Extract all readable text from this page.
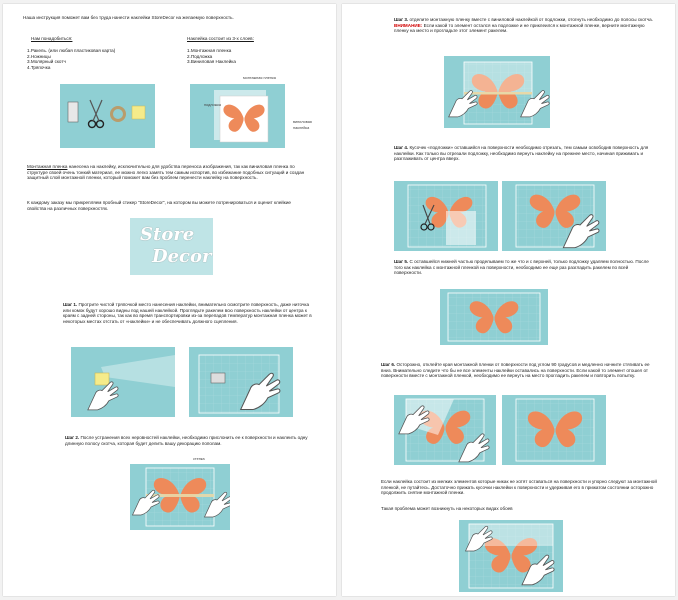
Наша инструкция поможет вам без труда нанести наклейки StoreDecor на желаемую поверхность.

Нам понадобиться:

1.Ракель. (или любая пластиковая карта)

2.Ножницы

3.Молярный скотч

4.Тряпочка

Наклейка состоит из 3-х слоев:

1.Монтажная пленка

2.Подложка

3.Виниловая Наклейка

монтажная пленка

подложка

виниловая наклейка

Монтажная пленка нанесена на наклейку, исключительно для удобства переноса изображения, так как виниловая пленка по структуре своей очень тонкий материал, ее можно легко замять тем самым испортив, во избежание подобных ситуаций и создан защитный слой монтажной пленки, который поможет вам без проблем перенести наклейку на поверхность.

К каждому заказу мы прикрепляем пробный стикер "StoreDecor", на котором вы можете потренироваться и оценит клейкие свойства на различных поверхностях.

Store
Decor

Шаг 1. Протрите чистой тряпочкой место нанесения наклейки, внимательно осмотрите поверхность, даже ниточка или комок будут хорошо видны под нашей наклейкой. Проглядьте ракелем всю поверхность наклейки от центра к краям с задней стороны, так как во время транспортировки из-за перепадов температур монтажная пленка может в некоторых местах отстать от «наклейки» и не обеспечивать должного сцепления.

Шаг 2. После устранения всех неровностей наклейки, необходимо прислонить ее к поверхности и наклеить одну длинную полосу скотча, которая будет делить вашу декорацию пополам.

стенка

Шаг 3. отделите монтажную пленку вместе с виниловой наклейкой от подложки, отогнуть необходимо до полосы скотча.
ВНИМАНИЕ: Если какой то элемент остался на подложке и не приклеился к монтажной пленке, верните монтажную пленку на место и прогладьте этот элемент ракелем.

Шаг 4. Кусочек «подложки» оставшийся на поверхности необходимо отрезать, тем самым освободив поверхность для наклейки. Как только вы отрезали подложку, необходимо вернуть наклейку на прежнее место, начиная прижимать и разглаживать от центра вверх.

Шаг 5. С оставшейся нижней частью проделываем то же что и с верхней, только подложку удаляем полностью. После того как наклейка с монтажной пленкой на поверхности, необходимо ее еще раз разгладить ракелем по всей поверхности.

Шаг 6. Осторожно, отклейте края монтажной пленки от поверхности под углом 90 градусов и медленно начните стягивать ее вниз. Внимательно следите что бы не все элементы наклейки оставались на поверхности. Если какой то элемент отошел от поверхности вместе с монтажной пленкой, необходимо ее вернуть на место прогладить ракелем и повторить попытку.

Если наклейка состоит из мелких элементов которые никак не хотят оставаться на поверхности и упорно следуют за монтажной пленкой, не путайтесь. Достаточно прижать кусочки наклейки к поверхности и удерживая его в прижатом состоянии осторожно продолжить снятие монтажной пленки.

Такая проблема может возникнуть на некоторых видах обоев
